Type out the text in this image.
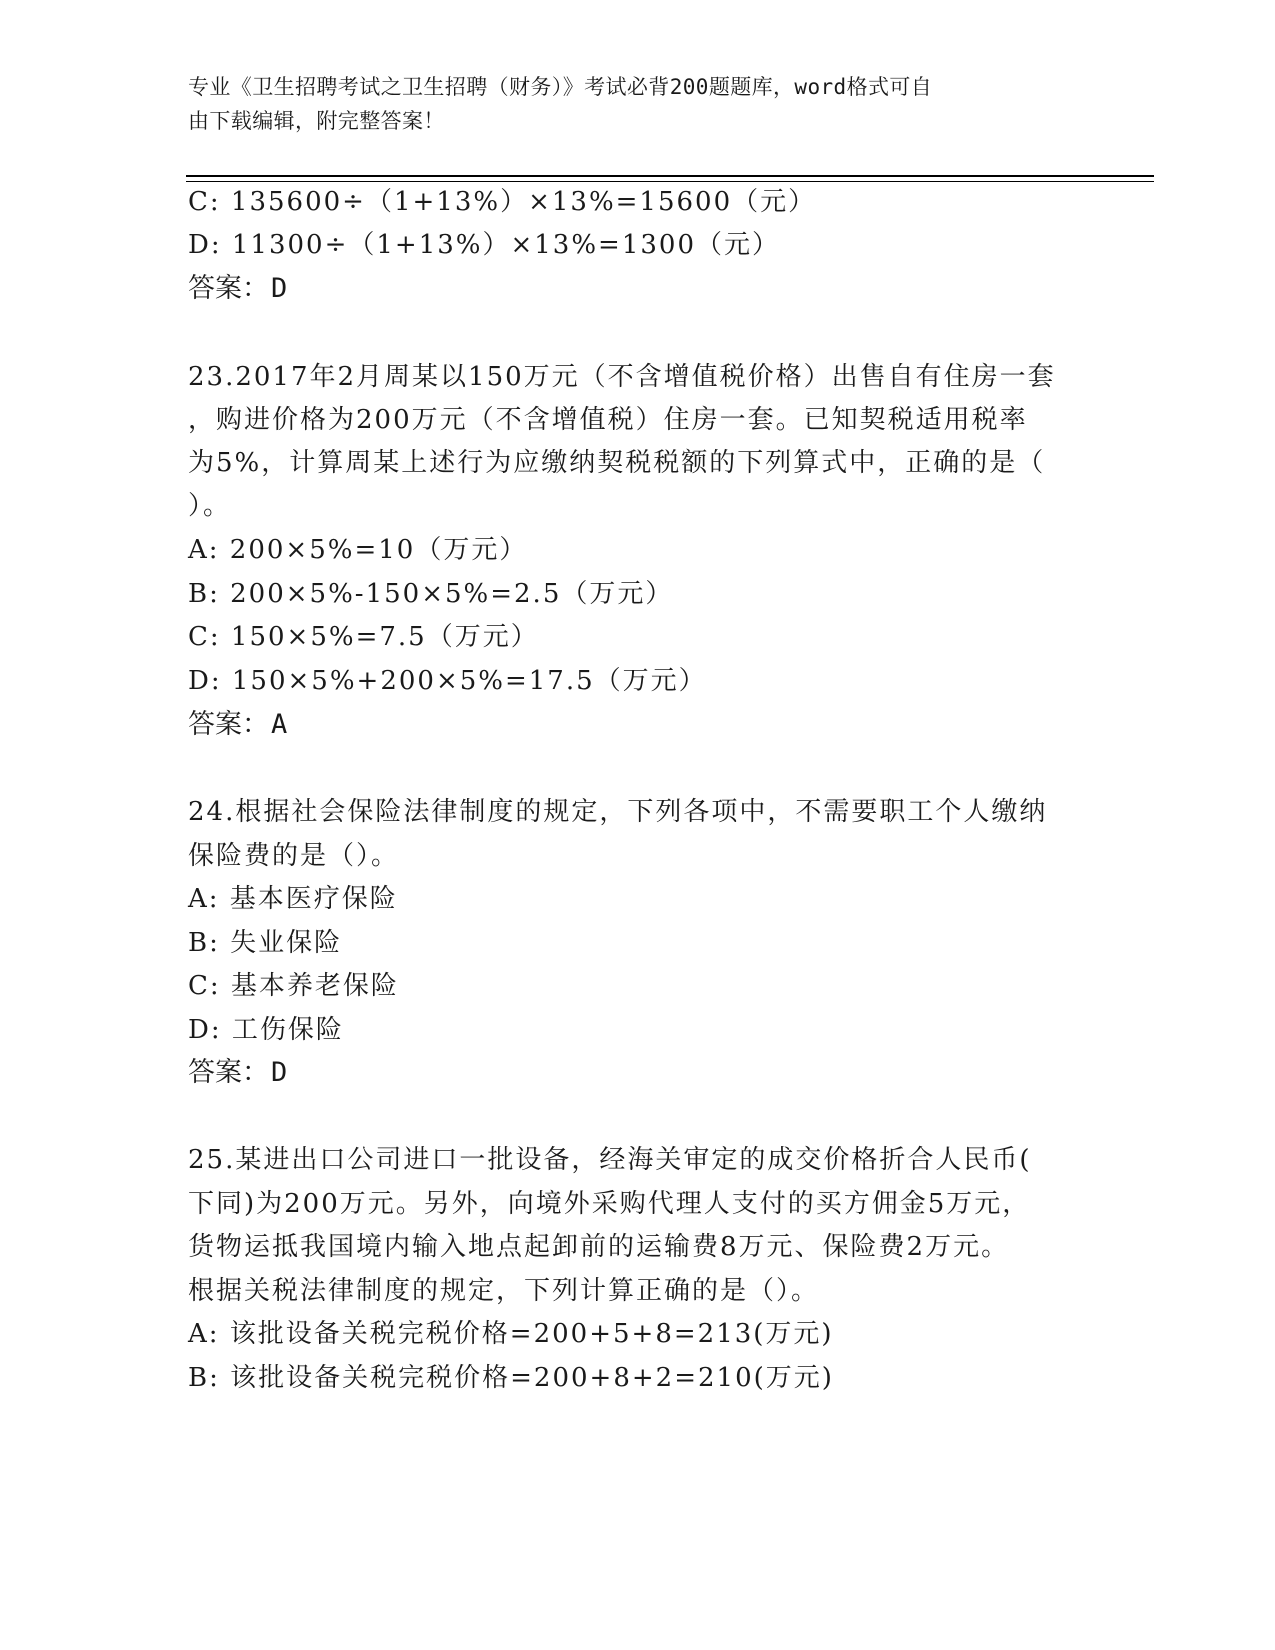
专业《卫生招聘考试之卫生招聘（财务）》考试必背200题题库，word格式可自
由下载编辑，附完整答案！
C: 135600÷（1+13%）×13%=15600（元）
D: 11300÷（1+13%）×13%=1300（元）
答案：D
23.2017年2月周某以150万元（不含增值税价格）出售自有住房一套
，购进价格为200万元（不含增值税）住房一套。已知契税适用税率
为5%，计算周某上述行为应缴纳契税税额的下列算式中，正确的是（
）。
A: 200×5%=10（万元）
B: 200×5%-150×5%=2.5（万元）
C: 150×5%=7.5（万元）
D: 150×5%+200×5%=17.5（万元）
答案：A
24.根据社会保险法律制度的规定，下列各项中，不需要职工个人缴纳
保险费的是（）。
A: 基本医疗保险
B: 失业保险
C: 基本养老保险
D: 工伤保险
答案：D
25.某进出口公司进口一批设备，经海关审定的成交价格折合人民币(
下同)为200万元。另外，向境外采购代理人支付的买方佣金5万元，
货物运抵我国境内输入地点起卸前的运输费8万元、保险费2万元。
根据关税法律制度的规定，下列计算正确的是（）。
A: 该批设备关税完税价格=200+5+8=213(万元)
B: 该批设备关税完税价格=200+8+2=210(万元)
